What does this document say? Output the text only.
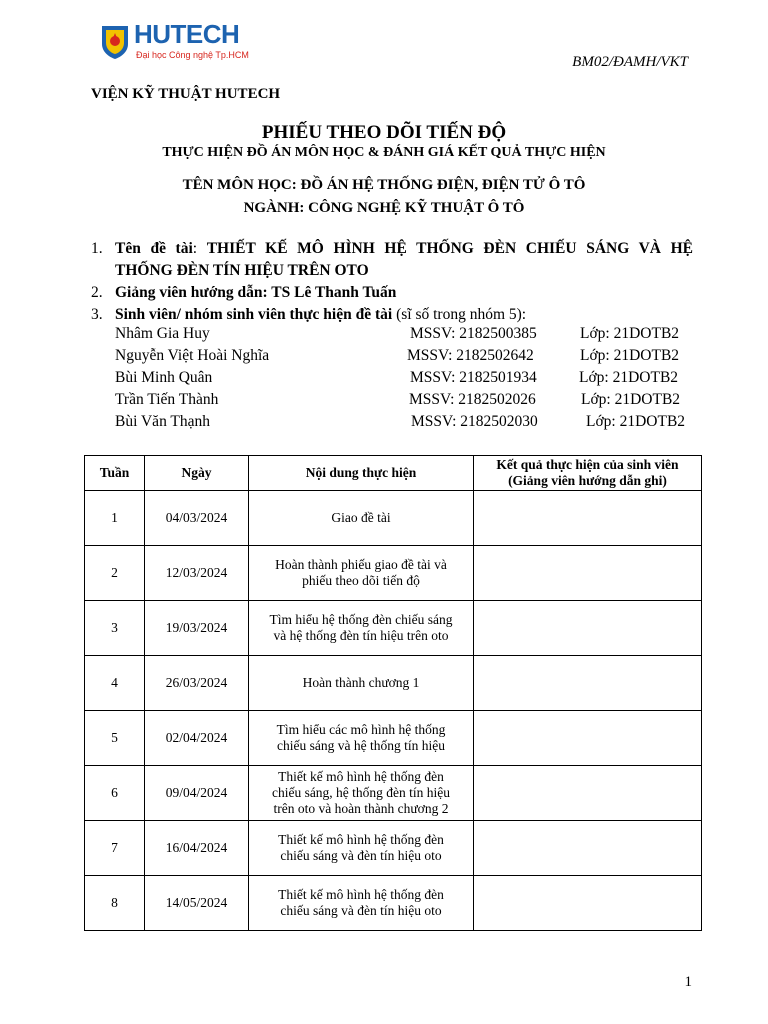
HUTECH
Đại học Công nghệ Tp.HCM	BM02/ĐAMH/VKT
VIỆN KỸ THUẬT HUTECH
PHIẾU THEO DÕI TIẾN ĐỘ
THỰC HIỆN ĐỒ ÁN MÔN HỌC & ĐÁNH GIÁ KẾT QUẢ THỰC HIỆN
TÊN MÔN HỌC: ĐỒ ÁN HỆ THỐNG ĐIỆN, ĐIỆN TỬ Ô TÔ
NGÀNH: CÔNG NGHỆ KỸ THUẬT Ô TÔ
1. Tên đề tài: THIẾT KẾ MÔ HÌNH HỆ THỐNG ĐÈN CHIẾU SÁNG VÀ HỆ
THỐNG ĐÈN TÍN HIỆU TRÊN OTO
2. Giảng viên hướng dẫn: TS Lê Thanh Tuấn
3. Sinh viên/ nhóm sinh viên thực hiện đề tài (sĩ số trong nhóm 5):
Nhâm Gia Huy	MSSV: 2182500385	Lớp: 21DOTB2
Nguyễn Việt Hoài Nghĩa	MSSV: 2182502642	Lớp: 21DOTB2
Bùi Minh Quân	MSSV: 2182501934	Lớp: 21DOTB2
Trần Tiến Thành	MSSV: 2182502026	Lớp: 21DOTB2
Bùi Văn Thạnh	MSSV: 2182502030	Lớp: 21DOTB2
Tuần	Ngày	Nội dung thực hiện	Kết quả thực hiện của sinh viên
(Giảng viên hướng dẫn ghi)

1	04/03/2024	Giao đề tài	

2	12/03/2024	Hoàn thành phiếu giao đề tài và
phiếu theo dõi tiến độ	

3	19/03/2024	Tìm hiểu hệ thống đèn chiếu sáng
và hệ thống đèn tín hiệu trên oto	

4	26/03/2024	Hoàn thành chương 1	

5	02/04/2024	Tìm hiểu các mô hình hệ thống
chiếu sáng và hệ thống tín hiệu	

6	09/04/2024	Thiết kế mô hình hệ thống đèn
chiếu sáng, hệ thống đèn tín hiệu
trên oto và hoàn thành chương 2	

7	16/04/2024	Thiết kế mô hình hệ thống đèn
chiếu sáng và đèn tín hiệu oto	

8	14/05/2024	Thiết kế mô hình hệ thống đèn
chiếu sáng và đèn tín hiệu oto	

1
